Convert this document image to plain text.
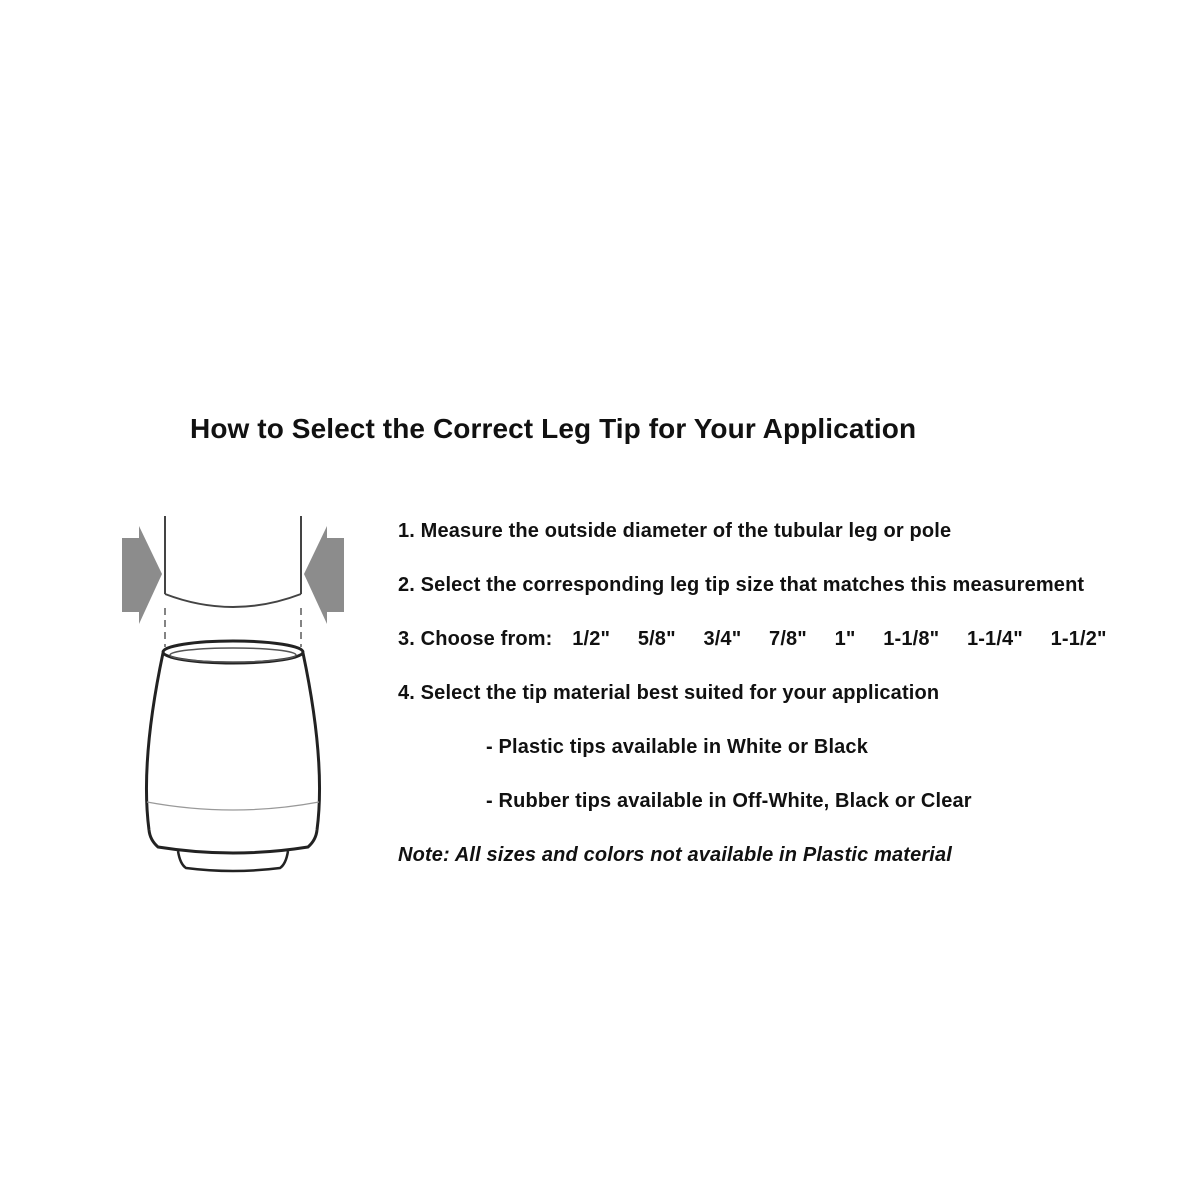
How to Select the Correct Leg Tip for Your Application
1. Measure the outside diameter of the tubular leg or pole
2. Select the corresponding leg tip size that matches this measurement
3. Choose from: 1/2" 5/8" 3/4" 7/8" 1" 1-1/8" 1-1/4" 1-1/2"
4. Select the tip material best suited for your application
- Plastic tips available in White or Black
- Rubber tips available in Off-White, Black or Clear
Note: All sizes and colors not available in Plastic material
